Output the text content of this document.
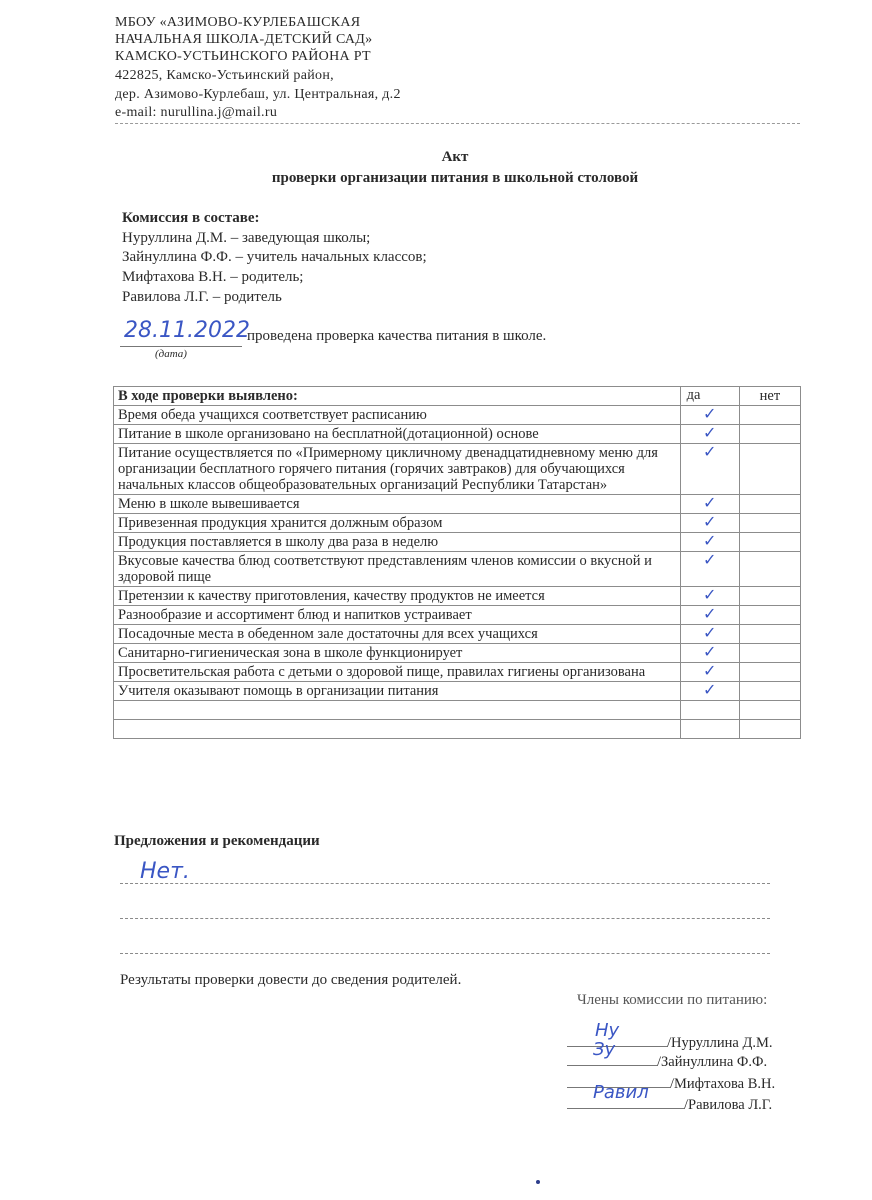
МБОУ «АЗИМОВО-КУРЛЕБАШСКАЯ
НАЧАЛЬНАЯ ШКОЛА-ДЕТСКИЙ САД»
КАМСКО-УСТЬИНСКОГО РАЙОНА РТ
422825, Камско-Устьинский район,
дер. Азимово-Курлебаш, ул. Центральная, д.2
e-mail: nurullina.j@mail.ru
Акт
проверки организации питания в школьной столовой
Комиссия в составе:
Нуруллина Д.М. – заведующая школы;
Зайнуллина Ф.Ф. – учитель начальных классов;
Мифтахова В.Н. – родитель;
Равилова Л.Г. – родитель
28.11.2022
проведена проверка качества питания в школе.
(дата)
В ходе проверки выявлено:	да	нет
Время обеда учащихся соответствует расписанию	✓	
Питание в школе организовано на бесплатной(дотационной) основе	✓	
Питание осуществляется по «Примерному цикличному двенадцатидневному меню для организации бесплатного горячего питания (горячих завтраков) для обучающихся начальных классов общеобразовательных организаций Республики Татарстан»	✓	
Меню в школе вывешивается	✓	
Привезенная продукция хранится должным образом	✓	
Продукция поставляется в школу два раза в неделю	✓	
Вкусовые качества блюд соответствуют представлениям членов комиссии о вкусной и здоровой пище	✓	
Претензии к качеству приготовления, качеству продуктов не имеется	✓	
Разнообразие и ассортимент блюд и напитков устраивает	✓	
Посадочные места в обеденном зале достаточны для всех учащихся	✓	
Санитарно-гигиеническая зона в школе функционирует	✓	
Просветительская работа с детьми о здоровой пище, правилах гигиены организована	✓	
Учителя оказывают помощь в организации питания	✓	

Предложения и рекомендации
Нет.
Результаты проверки довести до сведения родителей.
Члены комиссии по питанию:
Ну
/Нуруллина Д.М.
Зу
/Зайнуллина Ф.Ф.
/Мифтахова В.Н.
Равил
/Равилова Л.Г.
